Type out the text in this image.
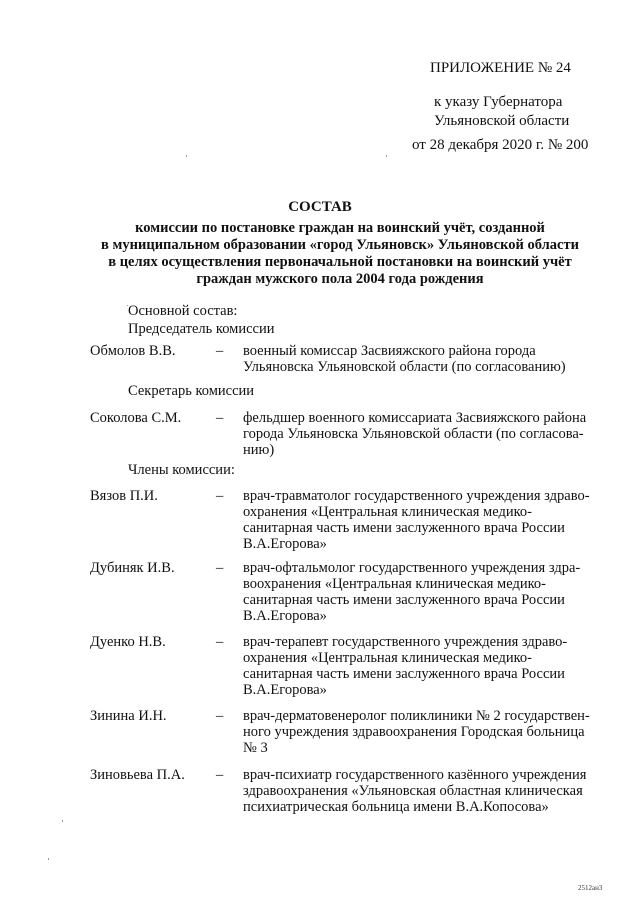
ПРИЛОЖЕНИЕ № 24
к указу Губернатора
Ульяновской области
от 28 декабря 2020 г. № 200
СОСТАВ
комиссии по постановке граждан на воинский учёт, созданной
в муниципальном образовании «город Ульяновск» Ульяновской области
в целях осуществления первоначальной постановки на воинский учёт
граждан мужского пола 2004 года рождения
Основной состав:
Председатель комиссии
Обмолов В.В.	– военный комиссар Засвияжского района города
Ульяновска Ульяновской области (по согласованию)
Секретарь комиссии
Соколова С.М. – фельдшер военного комиссариата Засвияжского района
города Ульяновска Ульяновской области (по согласова-
нию)
Члены комиссии:
Вязов П.И.	– врач-травматолог государственного учреждения здраво-
охранения «Центральная клиническая медико-
санитарная часть имени заслуженного врача России
В.А.Егорова»
Дубиняк И.В.	– врач-офтальмолог государственного учреждения здра-
воохранения «Центральная клиническая медико-
санитарная часть имени заслуженного врача России
В.А.Егорова»
Дуенко Н.В.	– врач-терапевт государственного учреждения здраво-
охранения «Центральная клиническая медико-
санитарная часть имени заслуженного врача России
В.А.Егорова»
Зинина И.Н.	– врач-дерматовенеролог поликлиники № 2 государствен-
ного учреждения здравоохранения Городская больница
№ 3
Зиновьева П.А. – врач-психиатр государственного казённого учреждения
здравоохранения «Ульяновская областная клиническая
психиатрическая больница имени В.А.Копосова»
2512ан3
